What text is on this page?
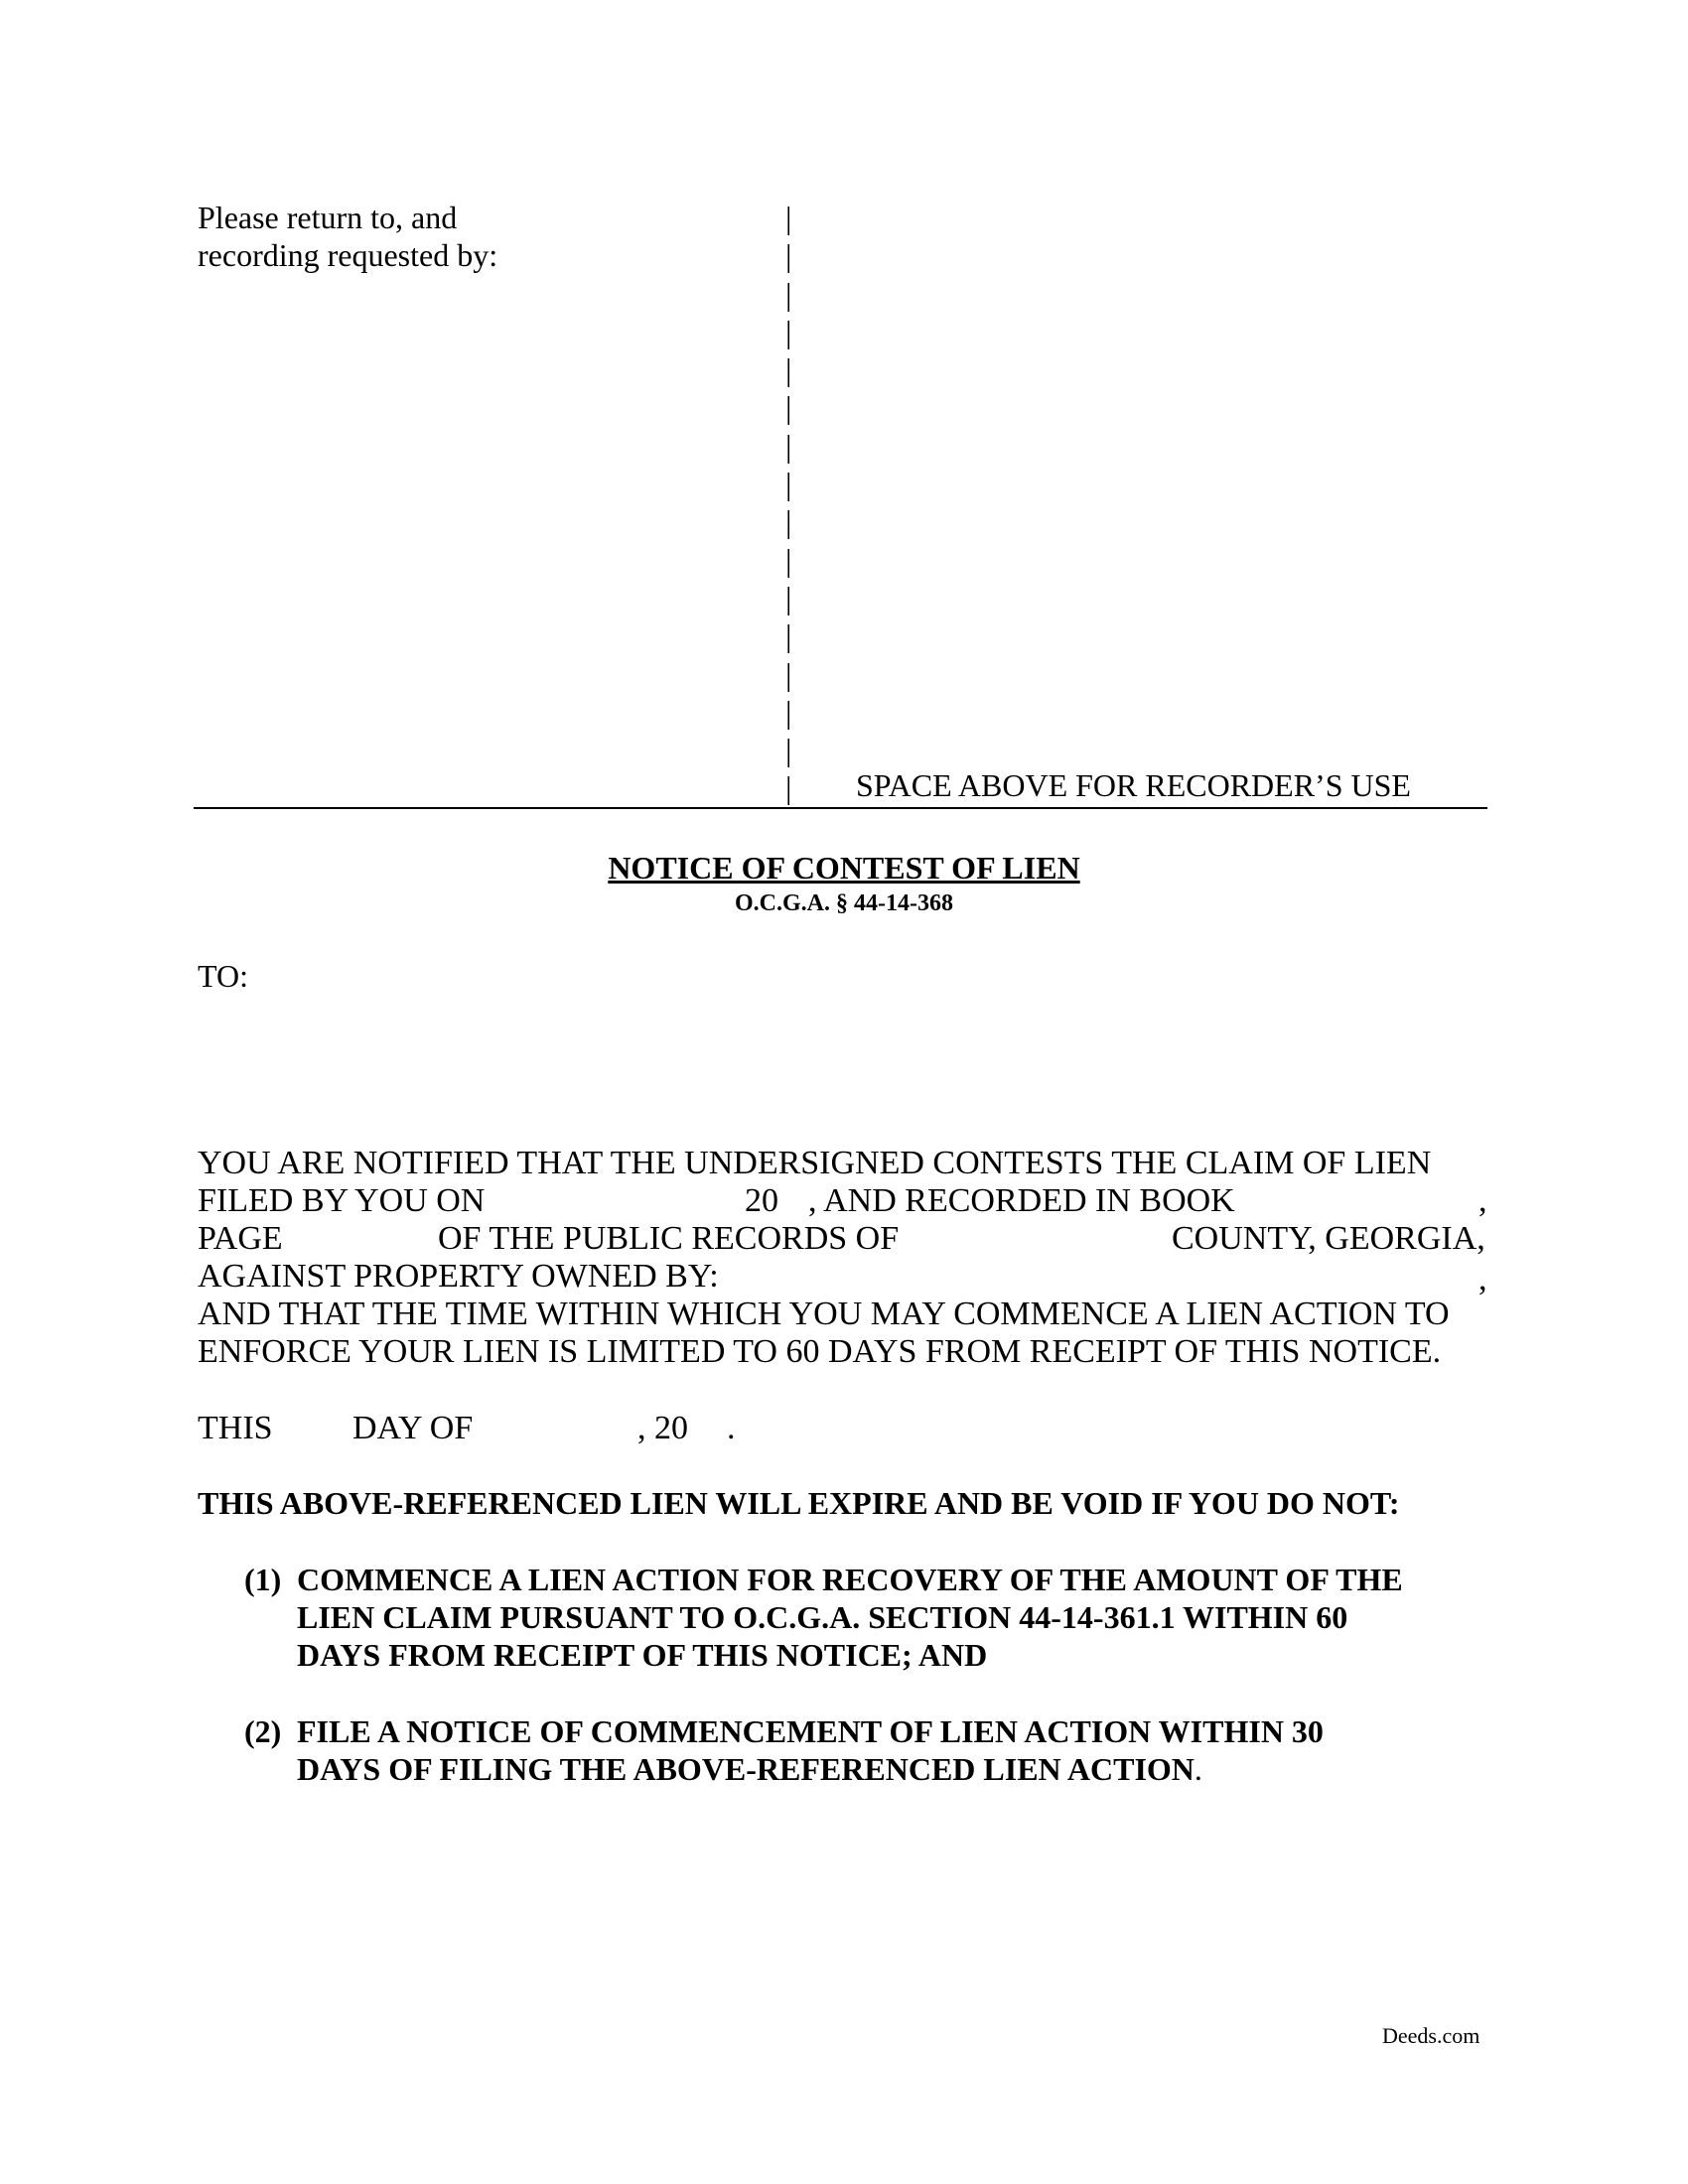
Please return to, and
recording requested by:
|
|
|
|
|
|
|
|
|
|
|
|
|
|
|
| SPACE ABOVE FOR RECORDER’S USE
NOTICE OF CONTEST OF LIEN
O.C.G.A. § 44-14-368
TO:
YOU ARE NOTIFIED THAT THE UNDERSIGNED CONTESTS THE CLAIM OF LIEN
FILED BY YOU ON	20 , AND RECORDED IN BOOK	,
PAGE	OF THE PUBLIC RECORDS OF	COUNTY, GEORGIA,
AGAINST PROPERTY OWNED BY:	,
AND THAT THE TIME WITHIN WHICH YOU MAY COMMENCE A LIEN ACTION TO
ENFORCE YOUR LIEN IS LIMITED TO 60 DAYS FROM RECEIPT OF THIS NOTICE.
THIS DAY OF	, 20 .
THIS ABOVE-REFERENCED LIEN WILL EXPIRE AND BE VOID IF YOU DO NOT:
(1) COMMENCE A LIEN ACTION FOR RECOVERY OF THE AMOUNT OF THE
LIEN CLAIM PURSUANT TO O.C.G.A. SECTION 44-14-361.1 WITHIN 60
DAYS FROM RECEIPT OF THIS NOTICE; AND
(2) FILE A NOTICE OF COMMENCEMENT OF LIEN ACTION WITHIN 30
DAYS OF FILING THE ABOVE-REFERENCED LIEN ACTION.
Deeds.com
